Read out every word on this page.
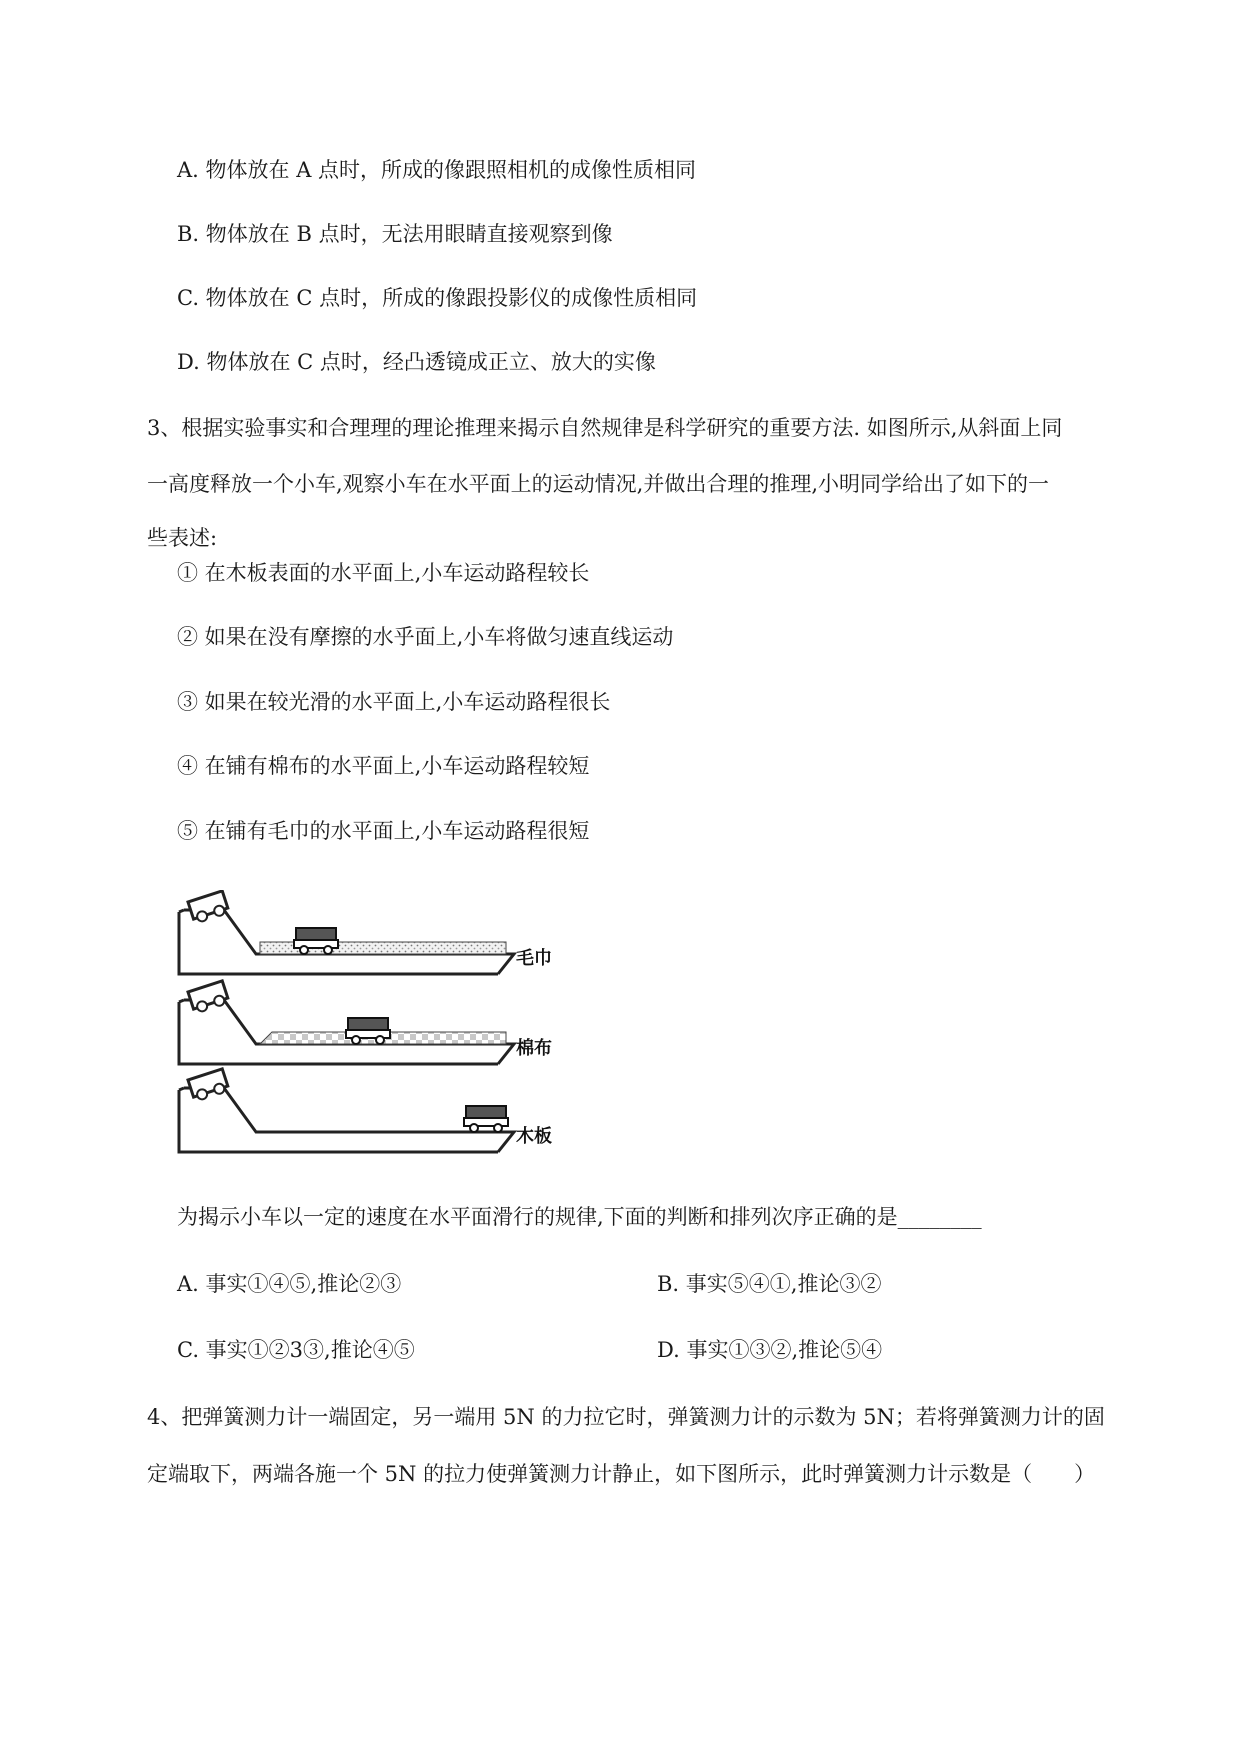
A. 物体放在 A 点时，所成的像跟照相机的成像性质相同
B. 物体放在 B 点时，无法用眼睛直接观察到像
C. 物体放在 C 点时，所成的像跟投影仪的成像性质相同
D. 物体放在 C 点时，经凸透镜成正立、放大的实像
3、根据实验事实和合理理的理论推理来揭示自然规律是科学研究的重要方法. 如图所示,从斜面上同
一高度释放一个小车,观察小车在水平面上的运动情况,并做出合理的推理,小明同学给出了如下的一
些表述:
① 在木板表面的水平面上,小车运动路程较长
② 如果在没有摩擦的水乎面上,小车将做匀速直线运动
③ 如果在较光滑的水平面上,小车运动路程很长
④ 在铺有棉布的水平面上,小车运动路程较短
⑤ 在铺有毛巾的水平面上,小车运动路程很短
毛巾
棉布
木板
为揭示小车以一定的速度在水平面滑行的规律,下面的判断和排列次序正确的是________
A. 事实①④⑤,推论②③	B. 事实⑤④①,推论③②
C. 事实①②3③,推论④⑤	D. 事实①③②,推论⑤④
4、把弹簧测力计一端固定，另一端用 5N 的力拉它时，弹簧测力计的示数为 5N；若将弹簧测力计的固
定端取下，两端各施一个 5N 的拉力使弹簧测力计静止，如下图所示，此时弹簧测力计示数是（　　）
